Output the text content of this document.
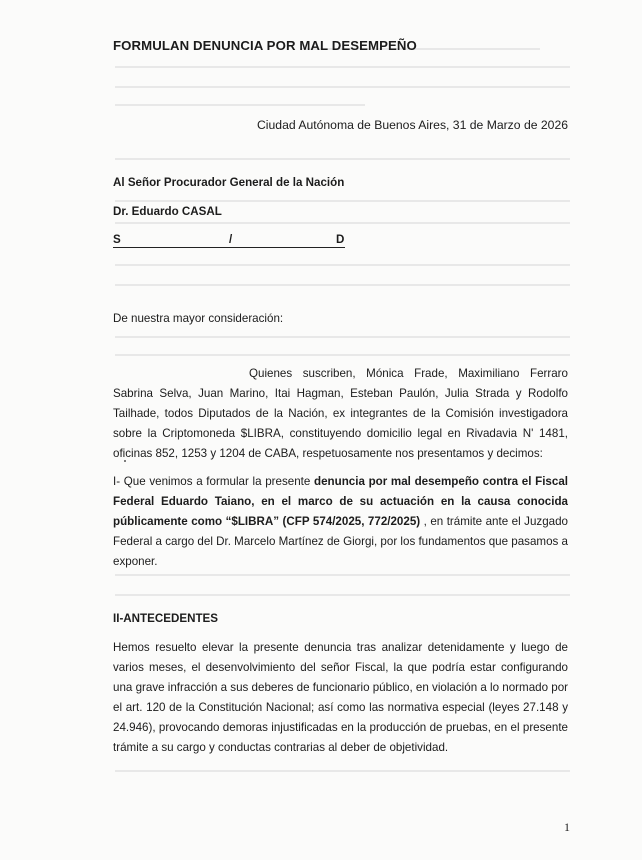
FORMULAN DENUNCIA POR MAL DESEMPEÑO
Ciudad Autónoma de Buenos Aires, 31 de Marzo de 2026
Al Señor Procurador General de la Nación
Dr. Eduardo CASAL
S	/	D
De nuestra mayor consideración:
Quienes suscriben, Mónica Frade, Maximiliano Ferraro Sabrina Selva, Juan Marino, Itai Hagman, Esteban Paulón, Julia Strada y Rodolfo Tailhade, todos Diputados de la Nación, ex integrantes de la Comisión investigadora sobre la Criptomoneda $LIBRA, constituyendo domicilio legal en Rivadavia N' 1481, oficinas 852, 1253 y 1204 de CABA, respetuosamente nos presentamos y decimos:
I- Que venimos a formular la presente denuncia por mal desempeño contra el Fiscal Federal Eduardo Taiano, en el marco de su actuación en la causa conocida públicamente como “$LIBRA” (CFP 574/2025, 772/2025) , en trámite ante el Juzgado Federal a cargo del Dr. Marcelo Martínez de Giorgi, por los fundamentos que pasamos a exponer.
II-ANTECEDENTES
Hemos resuelto elevar la presente denuncia tras analizar detenidamente y luego de varios meses, el desenvolvimiento del señor Fiscal, la que podría estar configurando una grave infracción a sus deberes de funcionario público, en violación a lo normado por el art. 120 de la Constitución Nacional; así como las normativa especial (leyes 27.148 y 24.946), provocando demoras injustificadas en la producción de pruebas, en el presente trámite a su cargo y conductas contrarias al deber de objetividad.
1
